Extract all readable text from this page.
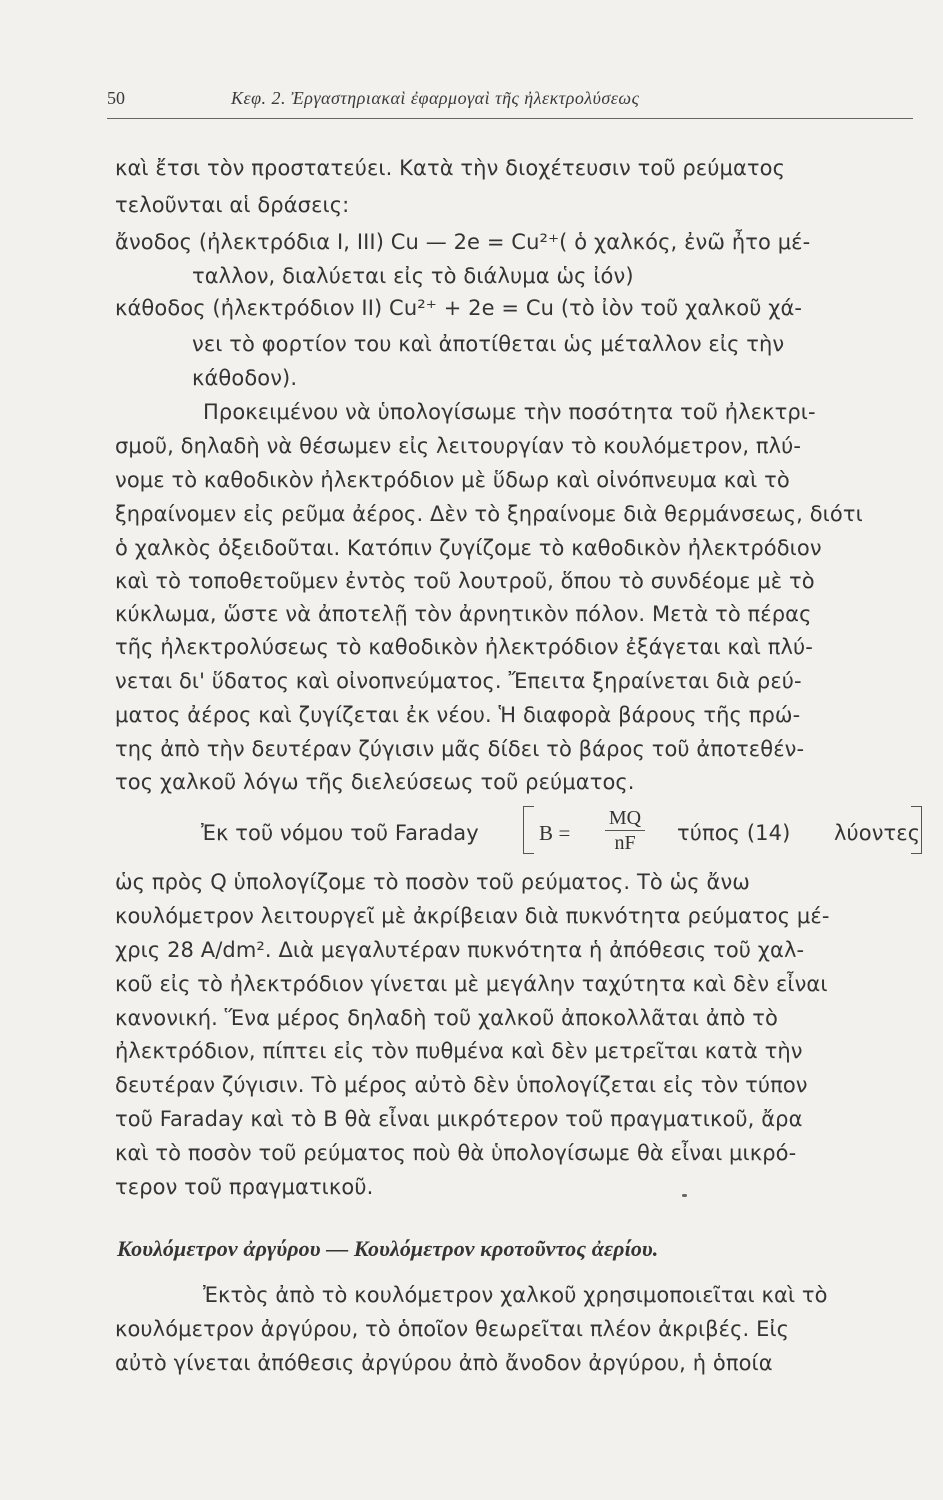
50	Κεφ. 2. Ἐργαστηριακαὶ ἐφαρμογαὶ τῆς ἠλεκτρολύσεως
καὶ ἔτσι τὸν προστατεύει. Κατὰ τὴν διοχέτευσιν τοῦ ρεύματος
τελοῦνται αἱ δράσεις:
ἄνοδος (ἠλεκτρόδια I, III) Cu — 2e = Cu²⁺( ὁ χαλκός, ἐνῶ ἦτο μέ-
ταλλον, διαλύεται εἰς τὸ διάλυμα ὡς ἰόν)
κάθοδος (ἠλεκτρόδιον II) Cu²⁺ + 2e = Cu (τὸ ἰὸν τοῦ χαλκοῦ χά-
νει τὸ φορτίον του καὶ ἀποτίθεται ὡς μέταλλον εἰς τὴν
κάθοδον).
Προκειμένου νὰ ὑπολογίσωμε τὴν ποσότητα τοῦ ἠλεκτρι-
σμοῦ, δηλαδὴ νὰ θέσωμεν εἰς λειτουργίαν τὸ κουλόμετρον, πλύ-
νομε τὸ καθοδικὸν ἠλεκτρόδιον μὲ ὕδωρ καὶ οἰνόπνευμα καὶ τὸ
ξηραίνομεν εἰς ρεῦμα ἀέρος. Δὲν τὸ ξηραίνομε διὰ θερμάνσεως, διότι
ὁ χαλκὸς ὀξειδοῦται. Κατόπιν ζυγίζομε τὸ καθοδικὸν ἠλεκτρόδιον
καὶ τὸ τοποθετοῦμεν ἐντὸς τοῦ λουτροῦ, ὅπου τὸ συνδέομε μὲ τὸ
κύκλωμα, ὥστε νὰ ἀποτελῇ τὸν ἀρνητικὸν πόλον. Μετὰ τὸ πέρας
τῆς ἠλεκτρολύσεως τὸ καθοδικὸν ἠλεκτρόδιον ἐξάγεται καὶ πλύ-
νεται δι' ὕδατος καὶ οἰνοπνεύματος. Ἔπειτα ξηραίνεται διὰ ρεύ-
ματος ἀέρος καὶ ζυγίζεται ἐκ νέου. Ἡ διαφορὰ βάρους τῆς πρώ-
της ἀπὸ τὴν δευτέραν ζύγισιν μᾶς δίδει τὸ βάρος τοῦ ἀποτεθέν-
τος χαλκοῦ λόγω τῆς διελεύσεως τοῦ ρεύματος.
Ἐκ τοῦ νόμου τοῦ Faraday	B =
MQ
nF	τύπος (14) λύοντες
ὡς πρὸς Q ὑπολογίζομε τὸ ποσὸν τοῦ ρεύματος. Τὸ ὡς ἄνω
κουλόμετρον λειτουργεῖ μὲ ἀκρίβειαν διὰ πυκνότητα ρεύματος μέ-
χρις 28 A/dm². Διὰ μεγαλυτέραν πυκνότητα ἡ ἀπόθεσις τοῦ χαλ-
κοῦ εἰς τὸ ἠλεκτρόδιον γίνεται μὲ μεγάλην ταχύτητα καὶ δὲν εἶναι
κανονική. Ἕνα μέρος δηλαδὴ τοῦ χαλκοῦ ἀποκολλᾶται ἀπὸ τὸ
ἠλεκτρόδιον, πίπτει εἰς τὸν πυθμένα καὶ δὲν μετρεῖται κατὰ τὴν
δευτέραν ζύγισιν. Τὸ μέρος αὐτὸ δὲν ὑπολογίζεται εἰς τὸν τύπον
τοῦ Faraday καὶ τὸ B θὰ εἶναι μικρότερον τοῦ πραγματικοῦ, ἄρα
καὶ τὸ ποσὸν τοῦ ρεύματος ποὺ θὰ ὑπολογίσωμε θὰ εἶναι μικρό-
τερον τοῦ πραγματικοῦ.
Κουλόμετρον ἀργύρου — Κουλόμετρον κροτοῦντος ἀερίου.
Ἐκτὸς ἀπὸ τὸ κουλόμετρον χαλκοῦ χρησιμοποιεῖται καὶ τὸ
κουλόμετρον ἀργύρου, τὸ ὁποῖον θεωρεῖται πλέον ἀκριβές. Εἰς
αὐτὸ γίνεται ἀπόθεσις ἀργύρου ἀπὸ ἄνοδον ἀργύρου, ἡ ὁποία
